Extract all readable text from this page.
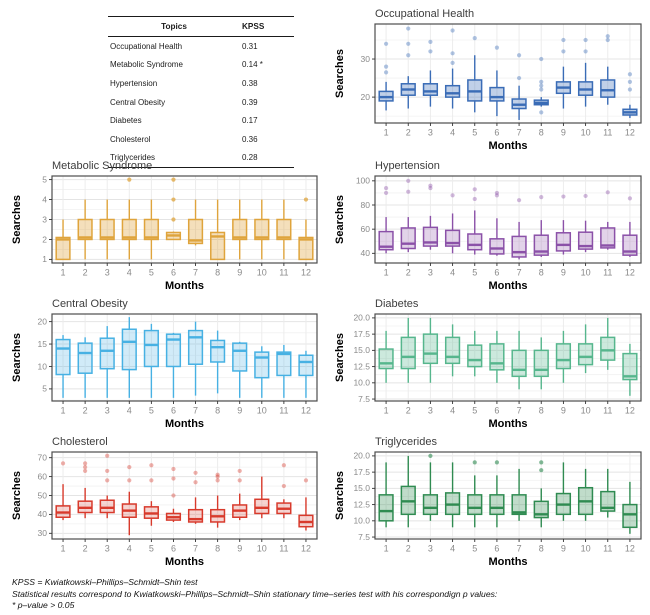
Topics	KPSS
Occupational Health	0.31
Metabolic Syndrome	0.14 *
Hypertension	0.38
Central Obesity	0.39
Diabetes	0.17
Cholesterol	0.36
Triglycerides	0.28
20
30
1 2 3 4 5 6 7 8 9 10 11 12
Occupational Health
Months
Searches
1
2
3
4
5
1 2 3 4 5 6 7 8 9 10 11 12
Metabolic Syndrome
Months
Searches
40
60
80
100
1 2 3 4 5 6 7 8 9 10 11 12
Hypertension
Months
Searches
5
10
15
20
1 2 3 4 5 6 7 8 9 10 11 12
Central Obesity
Months
Searches
7.5
10.0
12.5
15.0
17.5
20.0
1 2 3 4 5 6 7 8 9 10 11 12
Diabetes
Months
Searches
30
40
50
60
70
1 2 3 4 5 6 7 8 9 10 11 12
Cholesterol
Months
Searches
7.5
10.0
12.5
15.0
17.5
20.0
1 2 3 4 5 6 7 8 9 10 11 12
Triglycerides
Months
Searches
KPSS = Kwiatkowski–Phillips–Schmidt–Shin test
Statistical results correspond to Kwiatkowski–Phillips–Schmidt–Shin stationary time–series test with his correspondign p values:
* p–value > 0.05
